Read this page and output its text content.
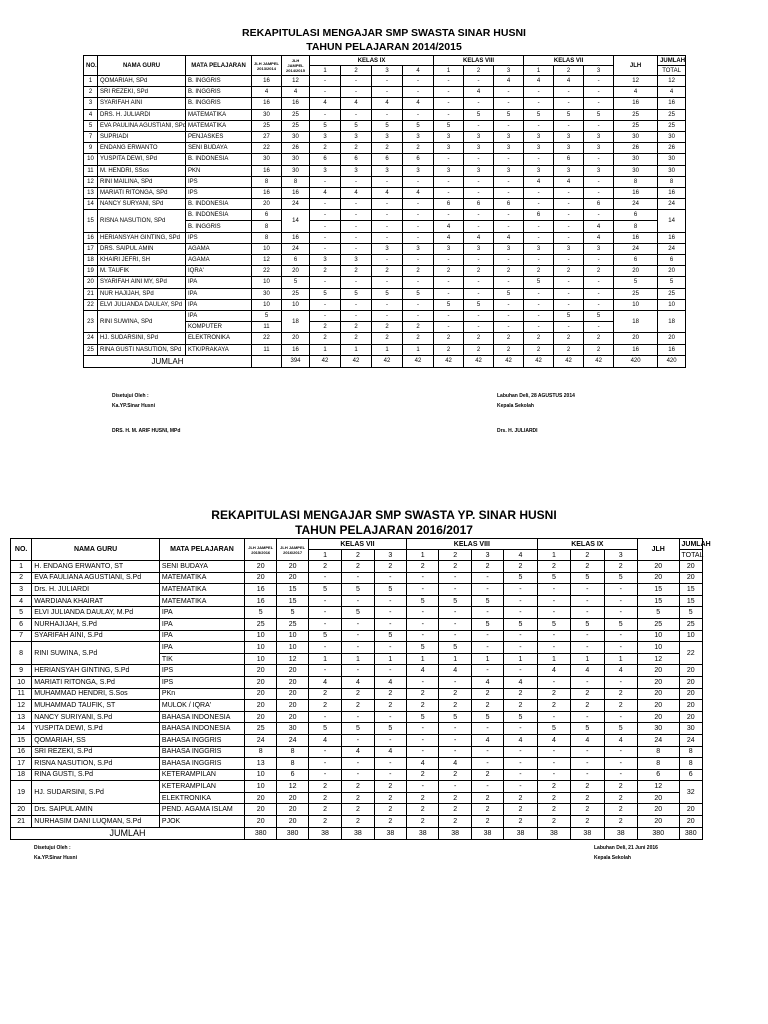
REKAPITULASI MENGAJAR SMP SWASTA SINAR HUSNI
TAHUN PELAJARAN 2014/2015
NO.	NAMA GURU	MATA PELAJARAN	JLH JAMPEL 2013/2014	JLH JAMPEL 2014/2015	KELAS IX				KELAS VIII			KELAS VII			JLH	JUMLAH
					1	2	3	4	1	2	3	1	2	3		TOTAL
1	QOMARIAH, SPd	B. INGGRIS	16	12	-	-	-	-	-	-	4	4	4	-	12	12
2	SRI REZEKI, SPd	B. INGGRIS	4	4	-	-	-	-	-	4	-	-	-	-	4	4
3	SYARIFAH AINI	B. INGGRIS	16	16	4	4	4	4	-	-	-	-	-	-	16	16
4	DRS. H. JULIARDI	MATEMATIKA	30	25	-	-	-	-	-	5	5	5	5	5	25	25
5	EVA PAULINA AGUSTIANI, SPd	MATEMATIKA	25	25	5	5	5	5	5	-	-	-	-	-	25	25
7	SUPRIADI	PENJASKES	27	30	3	3	3	3	3	3	3	3	3	3	30	30
9	ENDANG ERWANTO	SENI BUDAYA	22	26	2	2	2	2	3	3	3	3	3	3	26	26
10	YUSPITA DEWI, SPd	B. INDONESIA	30	30	6	6	6	6	-	-	-	-	6	-	30	30
11	M. HENDRI, SSos	PKN	16	30	3	3	3	3	3	3	3	3	3	3	30	30
12	RINI MAILINA, SPd	IPS	8	8	-	-	-	-	-	-	-	4	4	-	8	8
13	MARIATI RITONGA, SPd	IPS	16	16	4	4	4	4	-	-	-	-	-	-	16	16
14	NANCY SURYANI, SPd	B. INDONESIA	20	24	-	-	-	-	6	6	6	-	-	6	24	24
15	RISNA NASUTION, SPd	B. INDONESIA	6	14	-	-	-	-	-	-	-	6	-	-	6	14
		B. INGGRIS	8		-	-	-	-	4	-	-	-	-	4	8	
16	HERIANSYAH GINTING, SPd	IPS	8	16	-	-	-	-	4	4	4	-	-	4	16	16
17	DRS. SAIPUL AMIN	AGAMA	10	24	-	-	3	3	3	3	3	3	3	3	24	24
18	KHAIRI JEFRI, SH	AGAMA	12	6	3	3	-	-	-	-	-	-	-	-	6	6
19	M. TAUFIK	IQRA'	22	20	2	2	2	2	2	2	2	2	2	2	20	20
20	SYARIFAH AINI MY, SPd	IPA	10	5	-	-	-	-	-	-	-	5	-	-	5	5
21	NUR HAJIJAH, SPd	IPA	30	25	5	5	5	5	-	-	5	-	-	-	25	25
22	ELVI JULIANDA DAULAY, SPd	IPA	10	10	-	-	-	-	5	5	-	-	-	-	10	10
23	RINI SUWINA, SPd	IPA	5	18	-	-	-	-	-	-	-	-	5	5	18	18
		KOMPUTER	11		2	2	2	2	-	-	-	-	-	-		
24	HJ. SUDARSINI, SPd	ELEKTRONIKA	22	20	2	2	2	2	2	2	2	2	2	2	20	20
25	RINA GUSTI NASUTION, SPd	KTK/PRAKAYA	11	16	1	1	1	1	2	2	2	2	2	2	16	16
JUMLAH				394	42	42	42	42	42	42	42	42	42	42	420	420
Disetujui Oleh :
Ka.YP.Sinar Husni
DRS. H. M. ARIF HUSNI, MPd
Labuhan Deli, 28 AGUSTUS 2014
Kepala Sekolah
Drs. H. JULIARDI
REKAPITULASI MENGAJAR SMP SWASTA YP. SINAR HUSNI
TAHUN PELAJARAN 2016/2017
NO.	NAMA GURU	MATA PELAJARAN	JLH JAMPEL 2015/2016	JLH JAMPEL 2016/2017	KELAS VII			KELAS VIII				KELAS IX			JLH	JUMLAH
					1	2	3	1	2	3	4	1	2	3		TOTAL
1	H. ENDANG ERWANTO, ST	SENI BUDAYA	20	20	2	2	2	2	2	2	2	2	2	2	20	20
2	EVA FAULIANA AGUSTIANI, S.Pd	MATEMATIKA	20	20	-	-	-	-	-	-	5	5	5	5	20	20
3	Drs. H. JULIARDI	MATEMATIKA	16	15	5	5	5	-	-	-	-	-	-	-	15	15
4	WARDIANA KHAIRAT	MATEMATIKA	16	15	-	-	-	5	5	5	-	-	-	-	15	15
5	ELVI JULIANDA DAULAY, M.Pd	IPA	5	5	-	5	-	-	-	-	-	-	-	-	5	5
6	NURHAJIJAH, S.Pd	IPA	25	25	-	-	-	-	-	5	5	5	5	5	25	25
7	SYARIFAH AINI, S.Pd	IPA	10	10	5	-	5	-	-	-	-	-	-	-	10	10
8	RINI SUWINA, S.Pd	IPA	10	10	-	-	-	5	5	-	-	-	-	-	10	22
		TIK	10	12	1	1	1	1	1	1	1	1	1	1	12	
9	HERIANSYAH GINTING, S.Pd	IPS	20	20	-	-	-	4	4	-	-	4	4	4	20	20
10	MARIATI RITONGA, S.Pd	IPS	20	20	4	4	4	-	-	4	4	-	-	-	20	20
11	MUHAMMAD HENDRI, S.Sos	PKn	20	20	2	2	2	2	2	2	2	2	2	2	20	20
12	MUHAMMAD TAUFIK, ST	MULOK / IQRA'	20	20	2	2	2	2	2	2	2	2	2	2	20	20
13	NANCY SURIYANI, S.Pd	BAHASA INDONESIA	20	20	-	-	-	5	5	5	5	-	-	-	20	20
14	YUSPITA DEWI, S.Pd	BAHASA INDONESIA	25	30	5	5	5	-	-	-	-	5	5	5	30	30
15	QOMARIAH, SS	BAHASA INGGRIS	24	24	4	-	-	-	-	4	4	4	4	4	24	24
16	SRI REZEKI, S.Pd	BAHASA INGGRIS	8	8	-	4	4	-	-	-	-	-	-	-	8	8
17	RISNA NASUTION, S.Pd	BAHASA INGGRIS	13	8	-	-	-	4	4	-	-	-	-	-	8	8
18	RINA GUSTI, S.Pd	KETERAMPILAN	10	6	-	-	-	2	2	2	-	-	-	-	6	6
19	HJ. SUDARSINI, S.Pd	KETERAMPILAN	10	12	2	2	2	-	-	-	-	2	2	2	12	32
		ELEKTRONIKA	20	20	2	2	2	2	2	2	2	2	2	2	20	
20	Drs. SAIPUL AMIN	PEND. AGAMA ISLAM	20	20	2	2	2	2	2	2	2	2	2	2	20	20
21	NURHASIM DANI LUQMAN, S.Pd	PJOK	20	20	2	2	2	2	2	2	2	2	2	2	20	20
JUMLAH			380	380	38	38	38	38	38	38	38	38	38	38	380	380
Disetujui Oleh :
Ka.YP.Sinar Husni
Labuhan Deli, 21 Juni 2016
Kepala Sekolah
